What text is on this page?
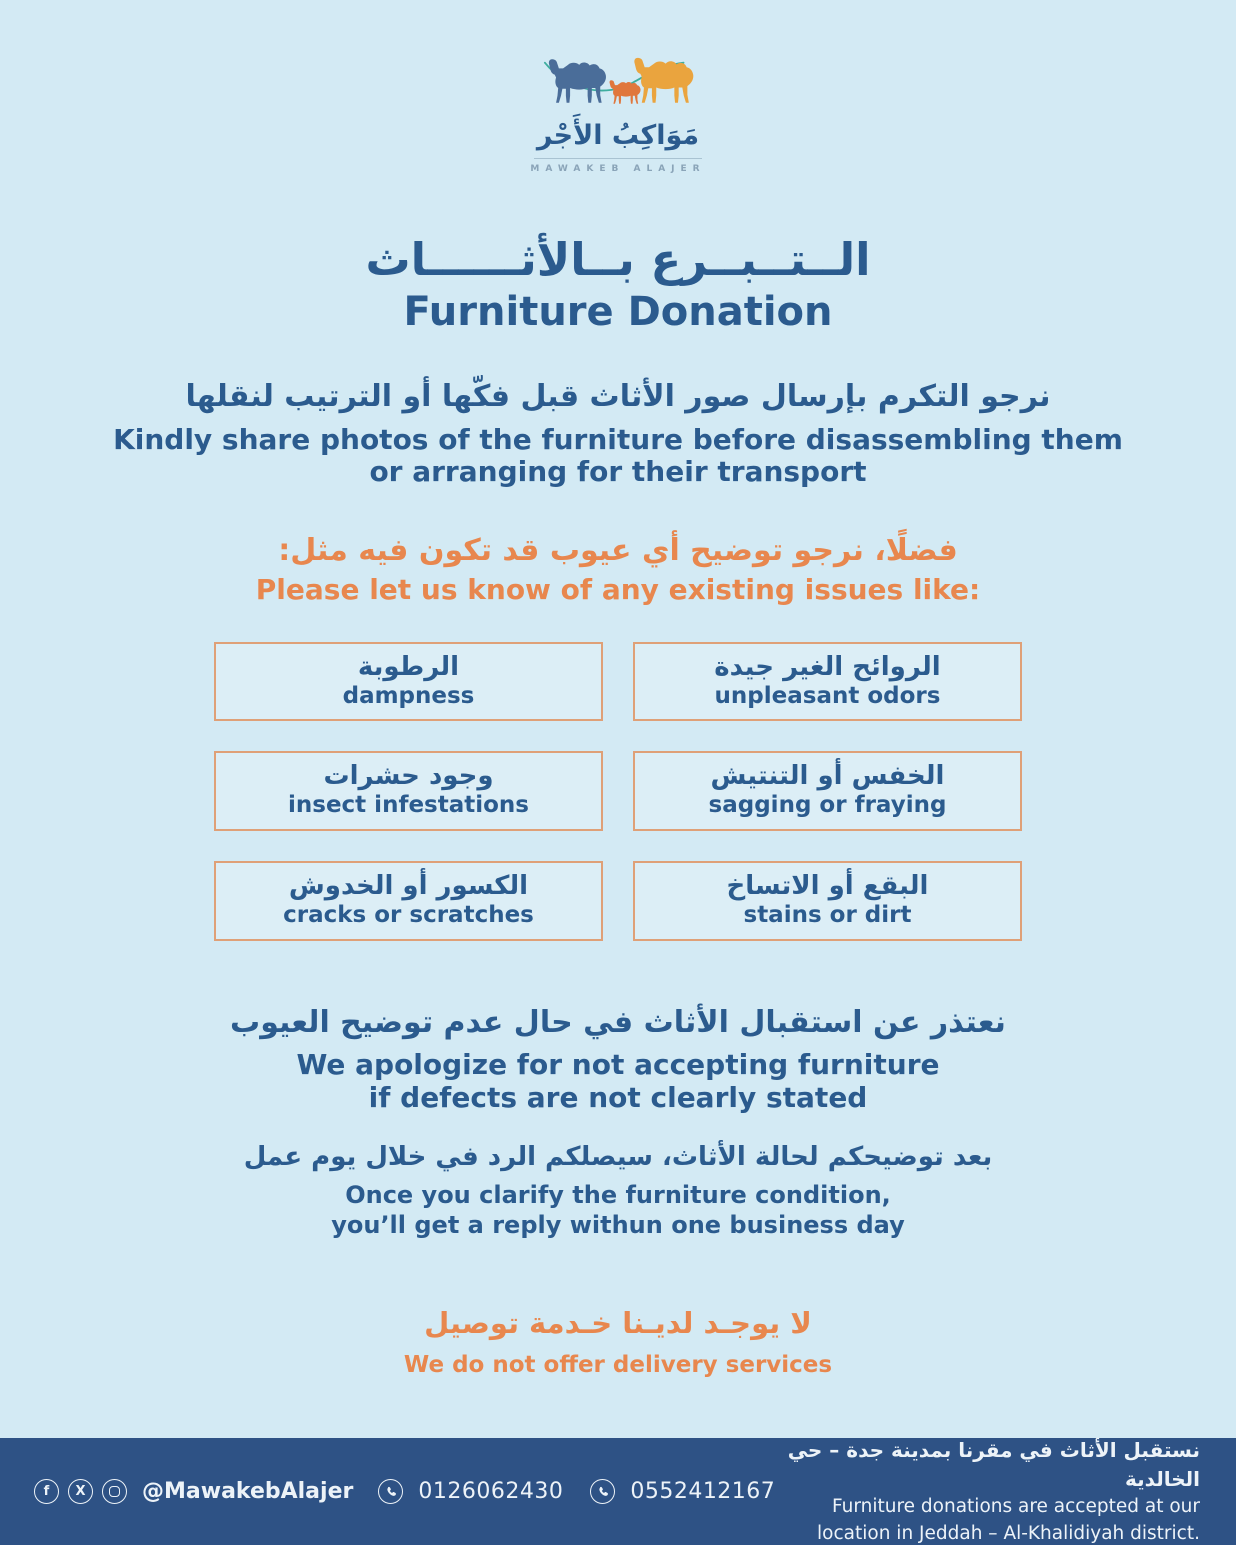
مَوَاكِبُ الأَجْر
MAWAKEB ALAJER
الــتــبــرع بــالأثــــــاث
Furniture Donation
نرجو التكرم بإرسال صور الأثاث قبل فكّها أو الترتيب لنقلها
Kindly share photos of the furniture before disassembling them
or arranging for their transport
فضلًا، نرجو توضيح أي عيوب قد تكون فيه مثل:
Please let us know of any existing issues like:
الرطوبة
dampness
الروائح الغير جيدة
unpleasant odors
وجود حشرات
insect infestations
الخفس أو التنتيش
sagging or fraying
الكسور أو الخدوش
cracks or scratches
البقع أو الاتساخ
stains or dirt
نعتذر عن استقبال الأثاث في حال عدم توضيح العيوب
We apologize for not accepting furniture
if defects are not clearly stated
بعد توضيحكم لحالة الأثاث، سيصلكم الرد في خلال يوم عمل
Once you clarify the furniture condition,
you’ll get a reply withun one business day
لا يوجـد لديـنا خـدمة توصيل
We do not offer delivery services
f X	@MawakebAlajer	0126062430	0552412167
نستقبل الأثاث في مقرنا بمدينة جدة – حي الخالدية
Furniture donations are accepted at our location in Jeddah – Al-Khalidiyah district.
